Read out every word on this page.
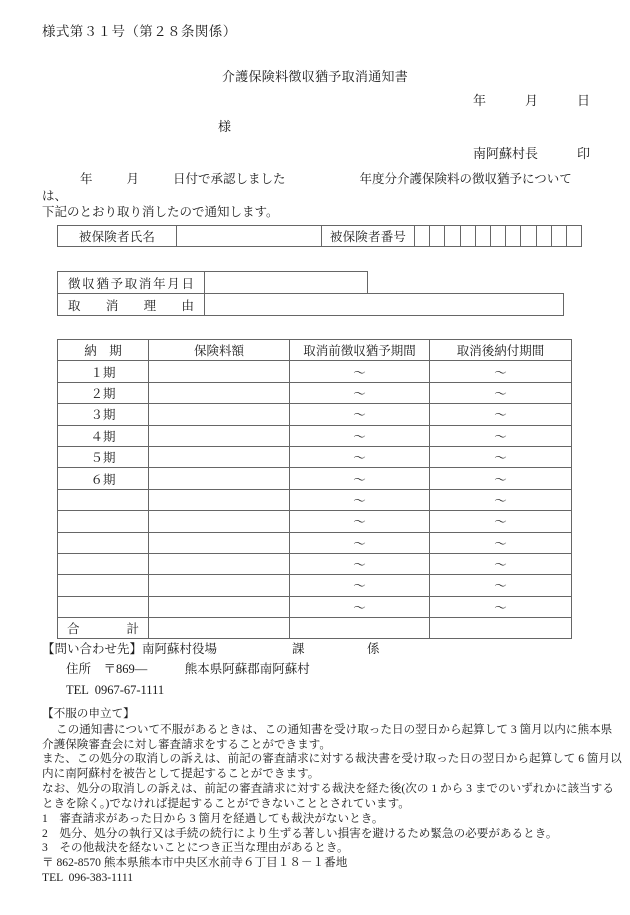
様式第３１号（第２８条関係）
介護保険料徴収猶予取消通知書
年　　　月　　　日
様
南阿蘇村長　　　印
年	月	日付で承認しました	年度分介護保険料の徴収猶予については、
下記のとおり取り消したので通知します。
被保険者氏名		被保険者番号											
徴収猶予取消年月日		
取消理由		
納　期	保険料額	取消前徴収猶予期間	取消後納付期間
１期		〜	〜
２期		〜	〜
３期		〜	〜
４期		〜	〜
５期		〜	〜
６期		〜	〜
		〜	〜
		〜	〜
		〜	〜
		〜	〜
		〜	〜
		〜	〜
合計			
【問い合わせ先】南阿蘇村役場　　　　　　課　　　　　係
住所　〒869―　　　熊本県阿蘇郡南阿蘇村
TEL  0967-67-1111
【不服の申立て】

この通知書について不服があるときは、この通知書を受け取った日の翌日から起算して 3 箇月以内に熊本県介護保険審査会に対し審査請求をすることができます。

また、この処分の取消しの訴えは、前記の審査請求に対する裁決書を受け取った日の翌日から起算して 6 箇月以内に南阿蘇村を被告として提起することができます。

なお、処分の取消しの訴えは、前記の審査請求に対する裁決を経た後(次の 1 から 3 までのいずれかに該当するときを除く。)でなければ提起することができないこととされています。

1　審査請求があった日から 3 箇月を経過しても裁決がないとき。

2　処分、処分の執行又は手続の続行により生ずる著しい損害を避けるため緊急の必要があるとき。

3　その他裁決を経ないことにつき正当な理由があるとき。

〒 862-8570 熊本県熊本市中央区水前寺６丁目１８－１番地

TEL  096-383-1111
